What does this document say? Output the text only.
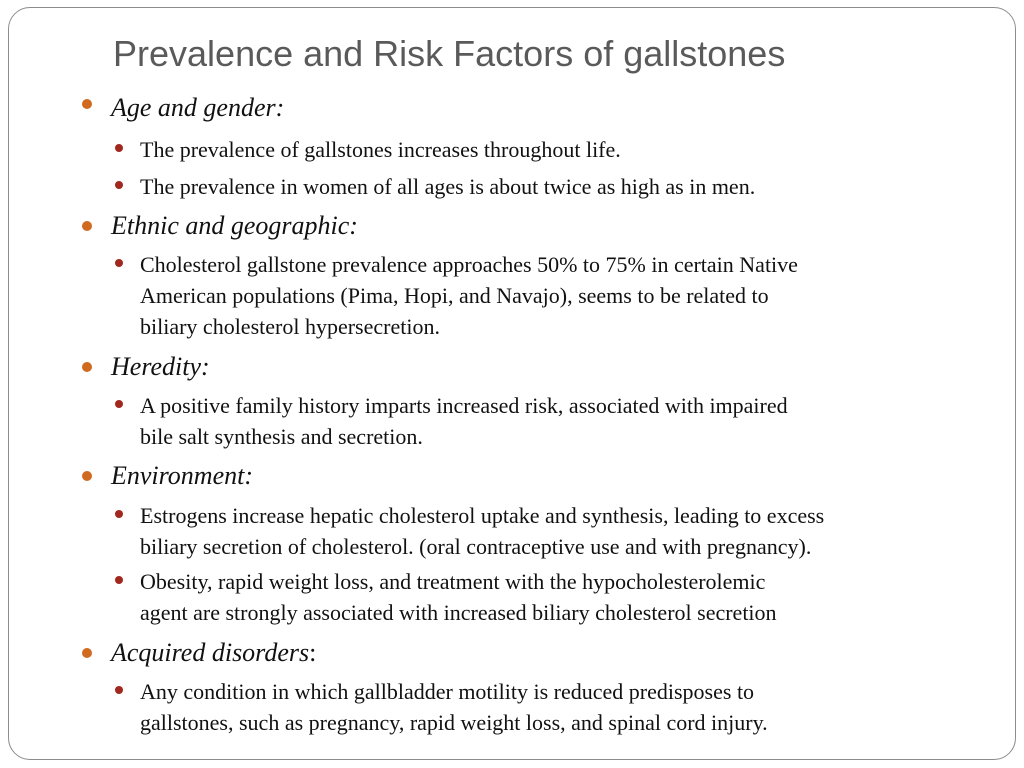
Prevalence and Risk Factors of gallstones
Age and gender:
The prevalence of gallstones increases throughout life.
The prevalence in women of all ages is about twice as high as in men.
Ethnic and geographic:
Cholesterol gallstone prevalence approaches 50% to 75% in certain Native
American populations (Pima, Hopi, and Navajo), seems to be related to
biliary cholesterol hypersecretion.
Heredity:
A positive family history imparts increased risk, associated with impaired
bile salt synthesis and secretion.
Environment:
Estrogens increase hepatic cholesterol uptake and synthesis, leading to excess
biliary secretion of cholesterol. (oral contraceptive use and with pregnancy).
Obesity, rapid weight loss, and treatment with the hypocholesterolemic
agent are strongly associated with increased biliary cholesterol secretion
Acquired disorders:
Any condition in which gallbladder motility is reduced predisposes to
gallstones, such as pregnancy, rapid weight loss, and spinal cord injury.
